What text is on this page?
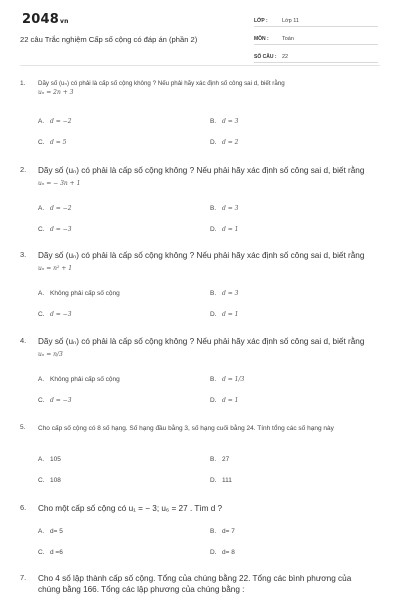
2048vn
22 câu Trắc nghiệm Cấp số cộng có đáp án (phần 2)
LỚP :	Lớp 11
MÔN :	Toán
SỐ CÂU :	22
1. Dãy số (uₙ) có phải là cấp số cộng không ? Nếu phải hãy xác định số công sai d, biết rằng
uₙ = 2n + 3
A. d = −2	B. d = 3
C. d = 5	D. d = 2
2. Dãy số (uₙ) có phải là cấp số cộng không ? Nếu phải hãy xác định số công sai d, biết rằng uₙ = − 3n + 1
A. d = −2	B. d = 3
C. d = −3	D. d = 1
3. Dãy số (uₙ) có phải là cấp số cộng không ? Nếu phải hãy xác định số công sai d, biết rằng uₙ = n² + 1
A. Không phải cấp số cộng	B. d = 3
C. d = −3	D. d = 1
4. Dãy số (uₙ) có phải là cấp số cộng không ? Nếu phải hãy xác định số công sai d, biết rằng uₙ = n/3
A. Không phải cấp số cộng	B. d = 1/3
C. d = −3	D. d = 1
5. Cho cấp số cộng có 8 số hạng. Số hạng đầu bằng 3, số hạng cuối bằng 24. Tính tổng các số hạng này
A. 105	B. 27
C. 108	D. 111
6. Cho một cấp số cộng có u₁ = − 3; u₆ = 27 . Tìm d ?
A. d= 5	B. d= 7
C. d =6	D. d= 8
7. Cho 4 số lập thành cấp số cộng. Tổng của chúng bằng 22. Tổng các bình phương của chúng bằng 166. Tổng các lập phương của chúng bằng :
